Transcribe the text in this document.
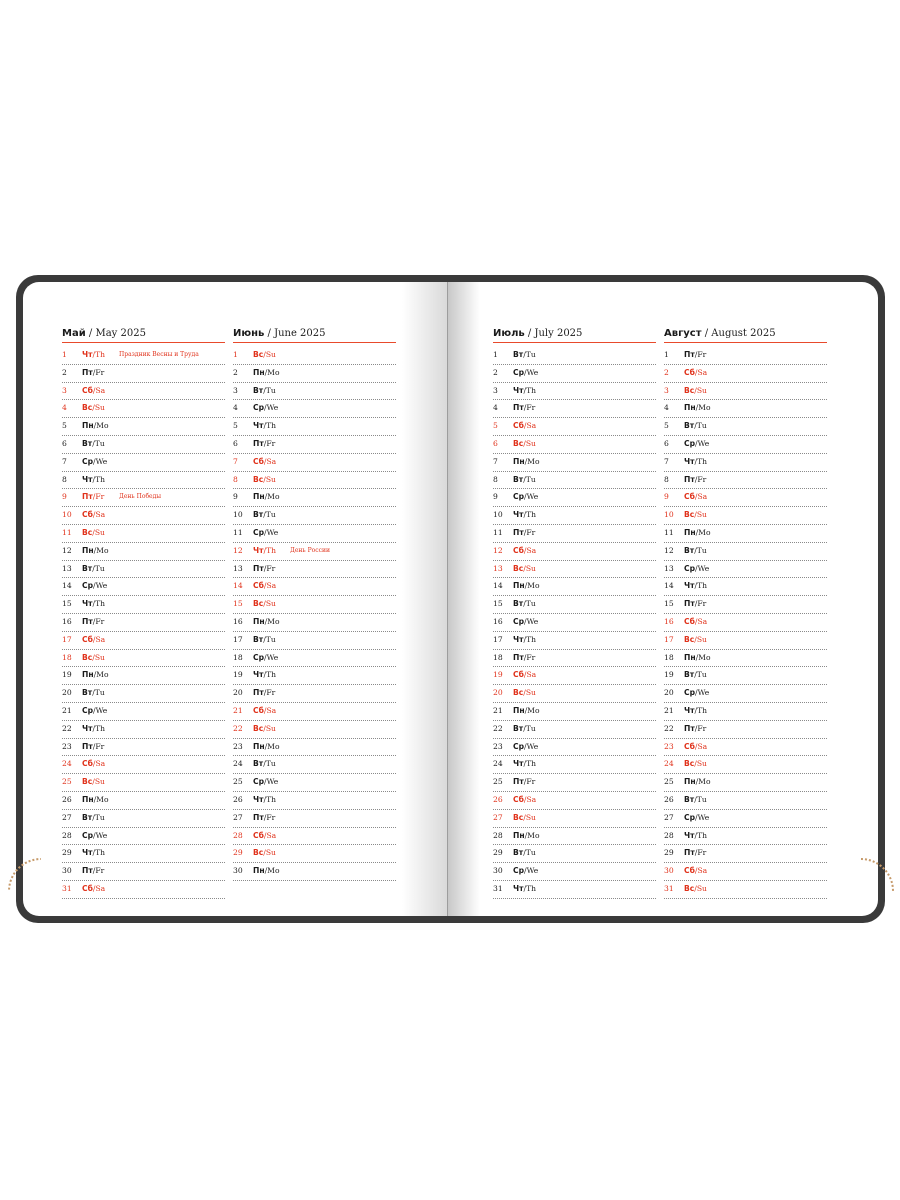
Май / May 2025
1	Чт/Th Праздник Весны и Труда
2	Пт/Fr
3	Сб/Sa
4	Вс/Su
5	Пн/Mo
6	Вт/Tu
7	Ср/We
8	Чт/Th
9	Пт/Fr День Победы
10	Сб/Sa
11	Вс/Su
12	Пн/Mo
13	Вт/Tu
14	Ср/We
15	Чт/Th
16	Пт/Fr
17	Сб/Sa
18	Вс/Su
19	Пн/Mo
20	Вт/Tu
21	Ср/We
22	Чт/Th
23	Пт/Fr
24	Сб/Sa
25	Вс/Su
26	Пн/Mo
27	Вт/Tu
28	Ср/We
29	Чт/Th
30	Пт/Fr
31	Сб/Sa
Июнь / June 2025
1	Вс/Su
2	Пн/Mo
3	Вт/Tu
4	Ср/We
5	Чт/Th
6	Пт/Fr
7	Сб/Sa
8	Вс/Su
9	Пн/Mo
10	Вт/Tu
11	Ср/We
12	Чт/Th День России
13	Пт/Fr
14	Сб/Sa
15	Вс/Su
16	Пн/Mo
17	Вт/Tu
18	Ср/We
19	Чт/Th
20	Пт/Fr
21	Сб/Sa
22	Вс/Su
23	Пн/Mo
24	Вт/Tu
25	Ср/We
26	Чт/Th
27	Пт/Fr
28	Сб/Sa
29	Вс/Su
30	Пн/Mo
Июль / July 2025
1	Вт/Tu
2	Ср/We
3	Чт/Th
4	Пт/Fr
5	Сб/Sa
6	Вс/Su
7	Пн/Mo
8	Вт/Tu
9	Ср/We
10	Чт/Th
11	Пт/Fr
12	Сб/Sa
13	Вс/Su
14	Пн/Mo
15	Вт/Tu
16	Ср/We
17	Чт/Th
18	Пт/Fr
19	Сб/Sa
20	Вс/Su
21	Пн/Mo
22	Вт/Tu
23	Ср/We
24	Чт/Th
25	Пт/Fr
26	Сб/Sa
27	Вс/Su
28	Пн/Mo
29	Вт/Tu
30	Ср/We
31	Чт/Th
Август / August 2025
1	Пт/Fr
2	Сб/Sa
3	Вс/Su
4	Пн/Mo
5	Вт/Tu
6	Ср/We
7	Чт/Th
8	Пт/Fr
9	Сб/Sa
10	Вс/Su
11	Пн/Mo
12	Вт/Tu
13	Ср/We
14	Чт/Th
15	Пт/Fr
16	Сб/Sa
17	Вс/Su
18	Пн/Mo
19	Вт/Tu
20	Ср/We
21	Чт/Th
22	Пт/Fr
23	Сб/Sa
24	Вс/Su
25	Пн/Mo
26	Вт/Tu
27	Ср/We
28	Чт/Th
29	Пт/Fr
30	Сб/Sa
31	Вс/Su
